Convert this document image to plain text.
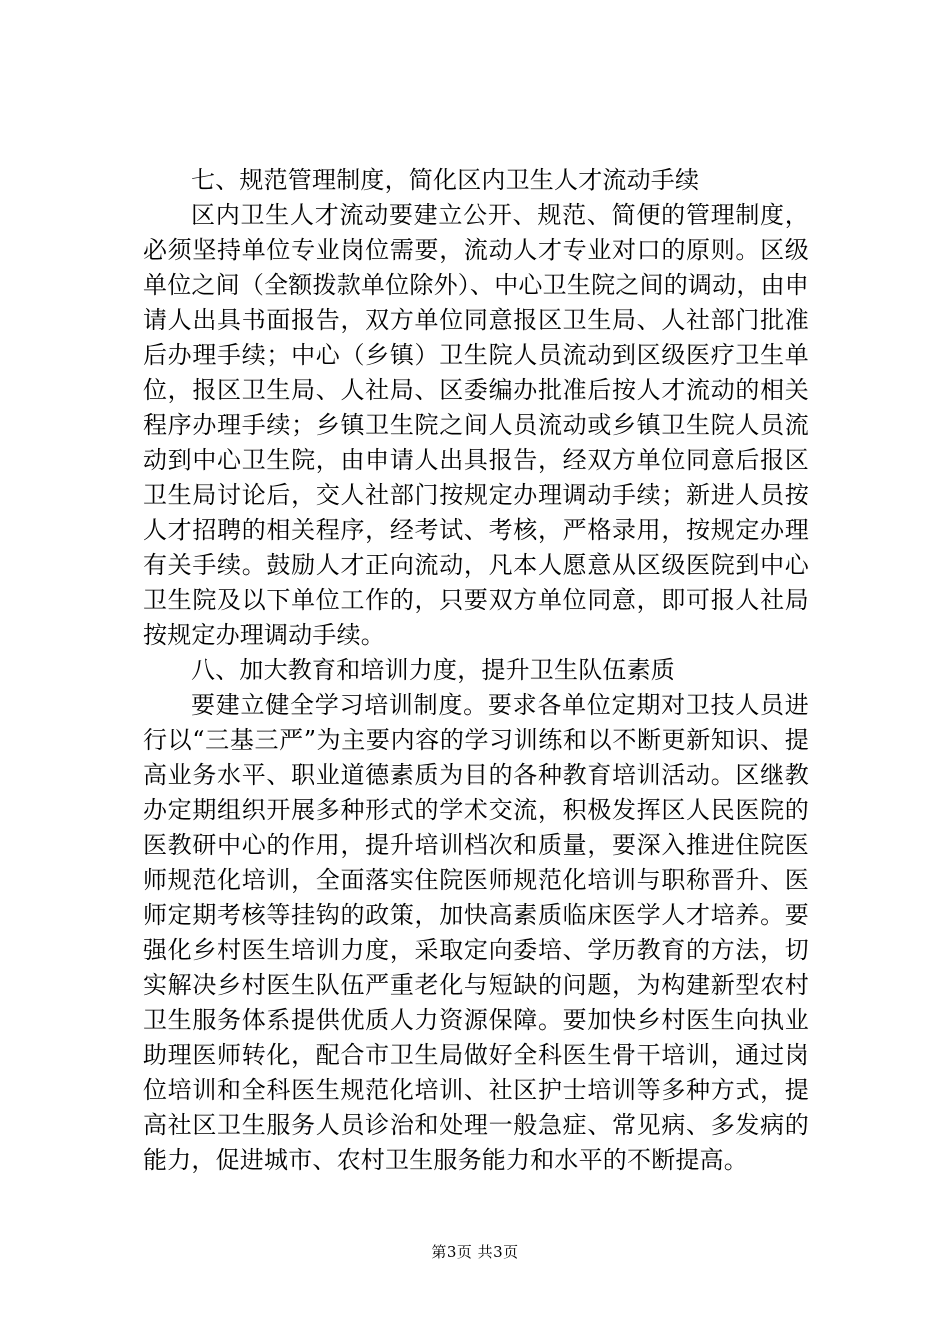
七、规范管理制度，简化区内卫生人才流动手续

区内卫生人才流动要建立公开、规范、简便的管理制度，必须坚持单位专业岗位需要，流动人才专业对口的原则。区级单位之间（全额拨款单位除外）、中心卫生院之间的调动，由申请人出具书面报告，双方单位同意报区卫生局、人社部门批准后办理手续；中心（乡镇）卫生院人员流动到区级医疗卫生单位，报区卫生局、人社局、区委编办批准后按人才流动的相关程序办理手续；乡镇卫生院之间人员流动或乡镇卫生院人员流动到中心卫生院，由申请人出具报告，经双方单位同意后报区卫生局讨论后，交人社部门按规定办理调动手续；新进人员按人才招聘的相关程序，经考试、考核，严格录用，按规定办理有关手续。鼓励人才正向流动，凡本人愿意从区级医院到中心卫生院及以下单位工作的，只要双方单位同意，即可报人社局按规定办理调动手续。

八、加大教育和培训力度，提升卫生队伍素质

要建立健全学习培训制度。要求各单位定期对卫技人员进行以“三基三严”为主要内容的学习训练和以不断更新知识、提高业务水平、职业道德素质为目的各种教育培训活动。区继教办定期组织开展多种形式的学术交流，积极发挥区人民医院的医教研中心的作用，提升培训档次和质量，要深入推进住院医师规范化培训，全面落实住院医师规范化培训与职称晋升、医师定期考核等挂钩的政策，加快高素质临床医学人才培养。要强化乡村医生培训力度，采取定向委培、学历教育的方法，切实解决乡村医生队伍严重老化与短缺的问题，为构建新型农村卫生服务体系提供优质人力资源保障。要加快乡村医生向执业助理医师转化，配合市卫生局做好全科医生骨干培训，通过岗位培训和全科医生规范化培训、社区护士培训等多种方式，提高社区卫生服务人员诊治和处理一般急症、常见病、多发病的能力，促进城市、农村卫生服务能力和水平的不断提高。

第3页 共3页
